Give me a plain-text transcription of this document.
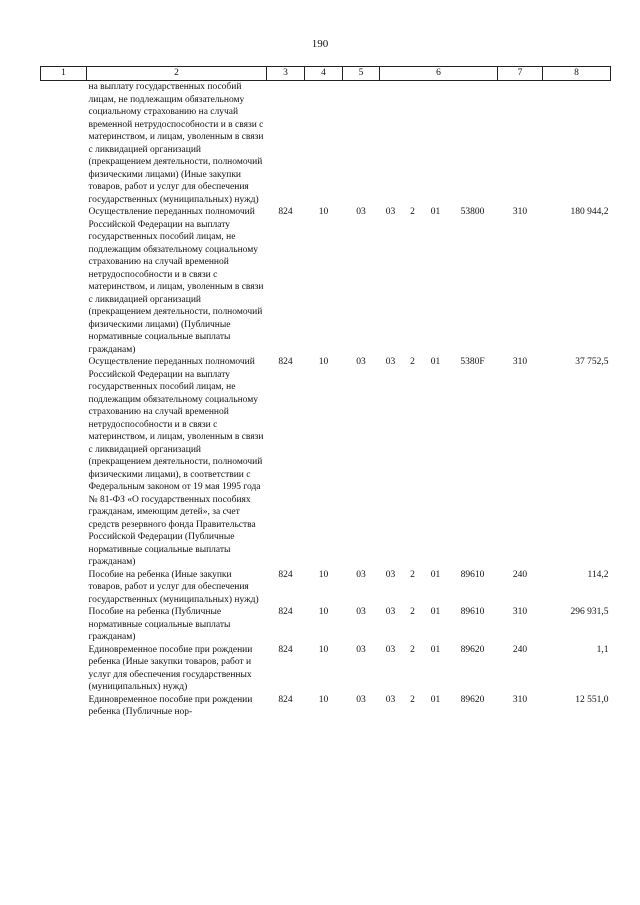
190
1	2	3	4	5	6				7	8
	на выплату государственных пособий лицам, не подлежащим обязательному социальному страхованию на случай временной нетрудоспособности и в связи с материнством, и лицам, уволенным в связи с ликвидацией организаций (прекращением деятельности, полномочий физическими лицами) (Иные закупки товаров, работ и услуг для обеспечения государственных (муниципальных) нужд)									
	Осуществление переданных полномочий Российской Федерации на выплату государственных пособий лицам, не подлежащим обязательному социальному страхованию на случай временной нетрудоспособности и в связи с материнством, и лицам, уволенным в связи с ликвидацией организаций (прекращением деятельности, полномочий физическими лицами) (Публичные нормативные социальные выплаты гражданам)	824	10	03	03	2	01	53800	310	180 944,2
	Осуществление переданных полномочий Российской Федерации на выплату государственных пособий лицам, не подлежащим обязательному социальному страхованию на случай временной нетрудоспособности и в связи с материнством, и лицам, уволенным в связи с ликвидацией организаций (прекращением деятельности, полномочий физическими лицами), в соответствии с Федеральным законом от 19 мая 1995 года № 81-ФЗ «О государственных пособиях гражданам, имеющим детей», за счет средств резервного фонда Правительства Российской Федерации (Публичные нормативные социальные выплаты гражданам)	824	10	03	03	2	01	5380F	310	37 752,5
	Пособие на ребенка (Иные закупки товаров, работ и услуг для обеспечения государственных (муниципальных) нужд)	824	10	03	03	2	01	89610	240	114,2
	Пособие на ребенка (Публичные нормативные социальные выплаты гражданам)	824	10	03	03	2	01	89610	310	296 931,5
	Единовременное пособие при рождении ребенка (Иные закупки товаров, работ и услуг для обеспечения государственных (муниципальных) нужд)	824	10	03	03	2	01	89620	240	1,1
	Единовременное пособие при рождении ребенка (Публичные нор-	824	10	03	03	2	01	89620	310	12 551,0
